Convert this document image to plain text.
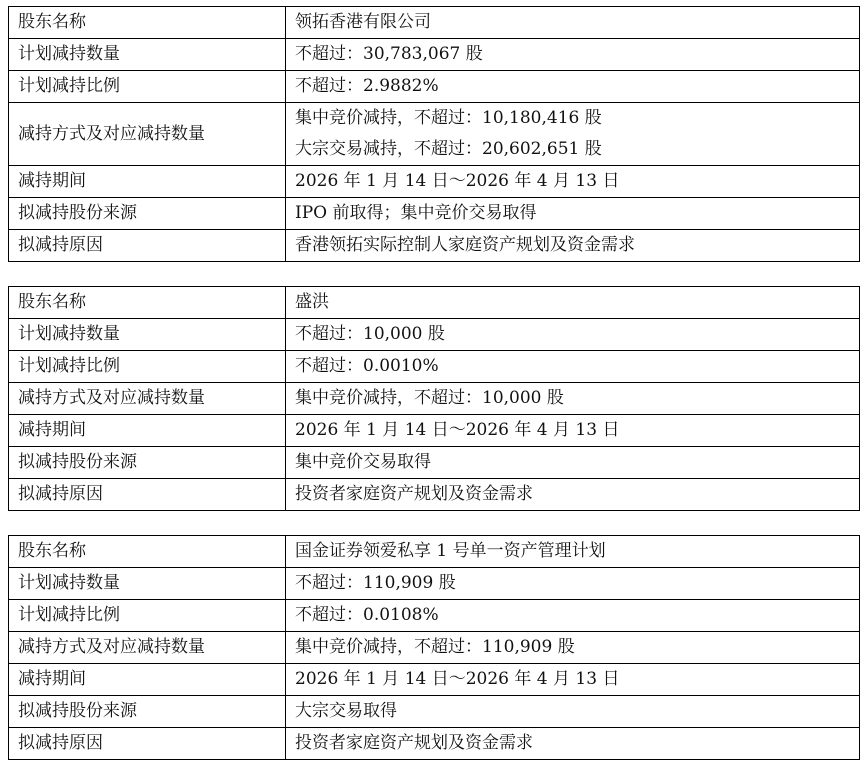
股东名称	领拓香港有限公司

计划减持数量	不超过：30,783,067 股

计划减持比例	不超过：2.9882%

减持方式及对应减持数量	集中竞价减持，不超过：10,180,416 股
大宗交易减持，不超过：20,602,651 股

减持期间	2026 年 1 月 14 日～2026 年 4 月 13 日

拟减持股份来源	IPO 前取得；集中竞价交易取得

拟减持原因	香港领拓实际控制人家庭资产规划及资金需求
股东名称	盛洪

计划减持数量	不超过：10,000 股

计划减持比例	不超过：0.0010%

减持方式及对应减持数量	集中竞价减持，不超过：10,000 股

减持期间	2026 年 1 月 14 日～2026 年 4 月 13 日

拟减持股份来源	集中竞价交易取得

拟减持原因	投资者家庭资产规划及资金需求
股东名称	国金证券领爱私享 1 号单一资产管理计划

计划减持数量	不超过：110,909 股

计划减持比例	不超过：0.0108%

减持方式及对应减持数量	集中竞价减持，不超过：110,909 股

减持期间	2026 年 1 月 14 日～2026 年 4 月 13 日

拟减持股份来源	大宗交易取得

拟减持原因	投资者家庭资产规划及资金需求
